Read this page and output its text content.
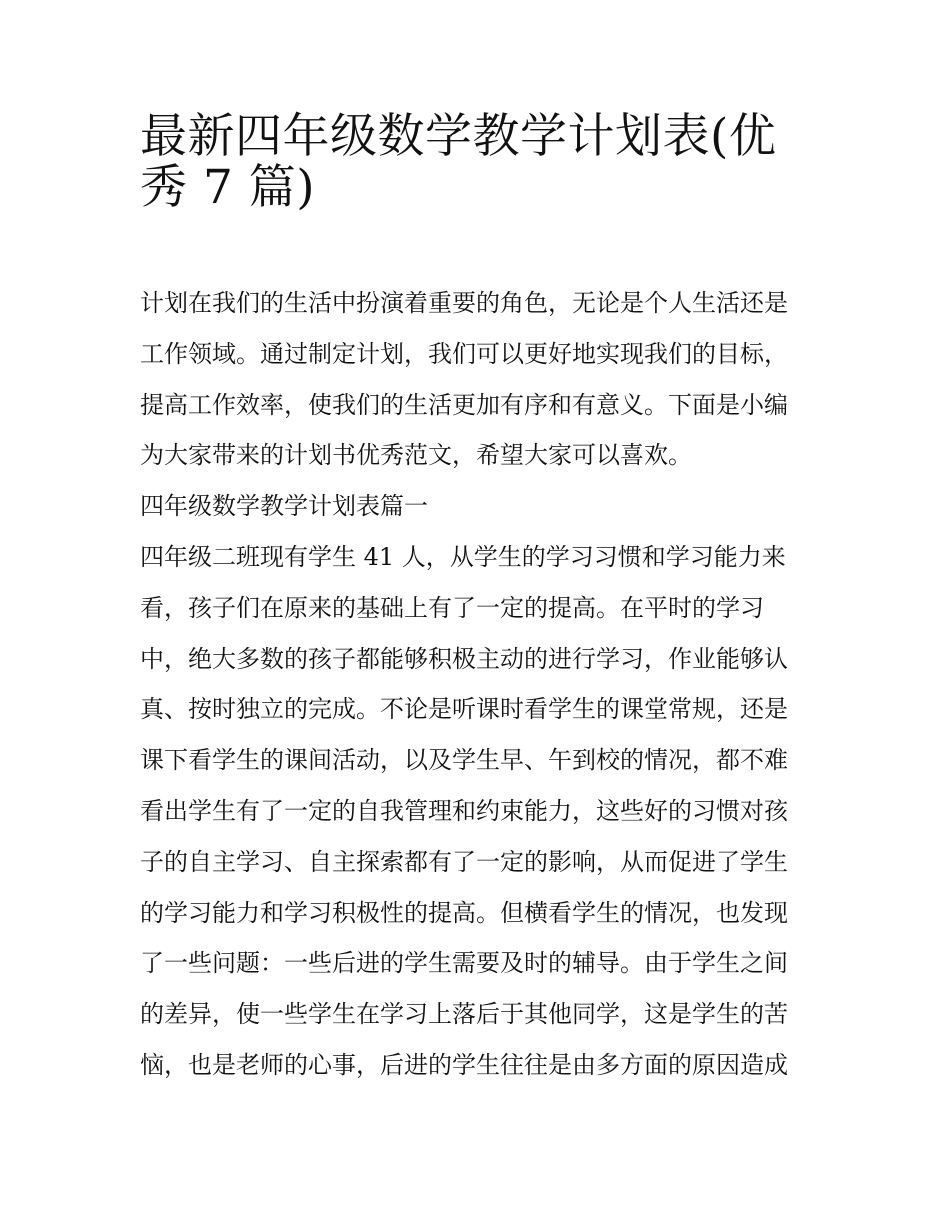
最新四年级数学教学计划表(优
秀 7 篇)

计划在我们的生活中扮演着重要的角色，无论是个人生活还是
工作领域。通过制定计划，我们可以更好地实现我们的目标，
提高工作效率，使我们的生活更加有序和有意义。下面是小编
为大家带来的计划书优秀范文，希望大家可以喜欢。

四年级数学教学计划表篇一

四年级二班现有学生 41 人，从学生的学习习惯和学习能力来
看，孩子们在原来的基础上有了一定的提高。在平时的学习
中，绝大多数的孩子都能够积极主动的进行学习，作业能够认
真、按时独立的完成。不论是听课时看学生的课堂常规，还是
课下看学生的课间活动，以及学生早、午到校的情况，都不难
看出学生有了一定的自我管理和约束能力，这些好的习惯对孩
子的自主学习、自主探索都有了一定的影响，从而促进了学生
的学习能力和学习积极性的提高。但横看学生的情况，也发现
了一些问题：一些后进的学生需要及时的辅导。由于学生之间
的差异，使一些学生在学习上落后于其他同学，这是学生的苦
恼，也是老师的心事，后进的学生往往是由多方面的原因造成
